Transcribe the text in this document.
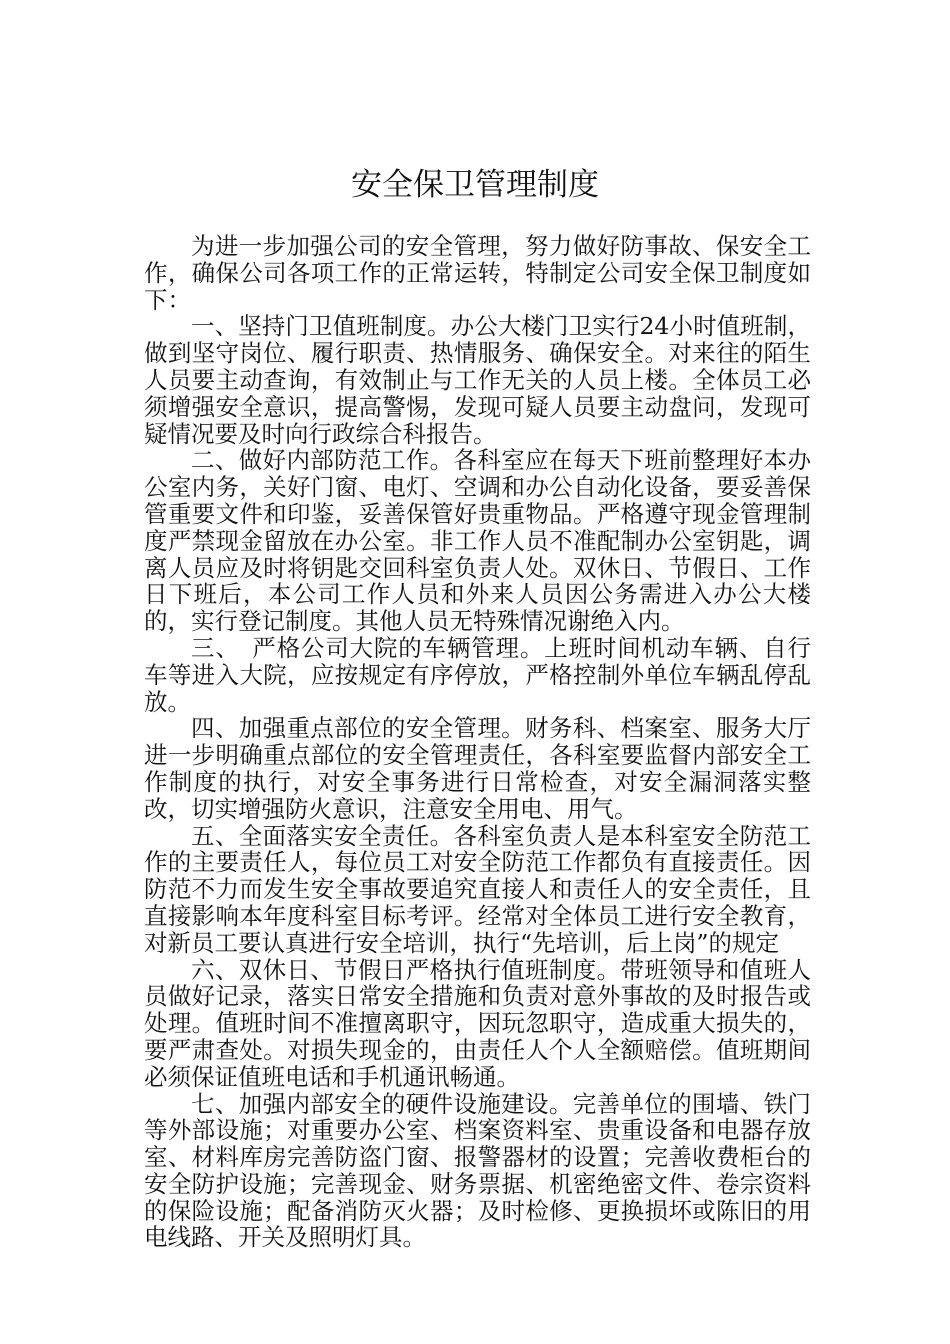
安全保卫管理制度

为进一步加强公司的安全管理，努力做好防事故、保安全工作，确保公司各项工作的正常运转，特制定公司安全保卫制度如下：

一、坚持门卫值班制度。办公大楼门卫实行24小时值班制，做到坚守岗位、履行职责、热情服务、确保安全。对来往的陌生人员要主动查询，有效制止与工作无关的人员上楼。全体员工必须增强安全意识，提高警惕，发现可疑人员要主动盘问，发现可疑情况要及时向行政综合科报告。

二、做好内部防范工作。各科室应在每天下班前整理好本办公室内务，关好门窗、电灯、空调和办公自动化设备，要妥善保管重要文件和印鉴，妥善保管好贵重物品。严格遵守现金管理制度严禁现金留放在办公室。非工作人员不准配制办公室钥匙，调离人员应及时将钥匙交回科室负责人处。双休日、节假日、工作日下班后，本公司工作人员和外来人员因公务需进入办公大楼的，实行登记制度。其他人员无特殊情况谢绝入内。

三、　严格公司大院的车辆管理。上班时间机动车辆、自行车等进入大院，应按规定有序停放，严格控制外单位车辆乱停乱放。

四、加强重点部位的安全管理。财务科、档案室、服务大厅进一步明确重点部位的安全管理责任，各科室要监督内部安全工作制度的执行，对安全事务进行日常检查，对安全漏洞落实整改，切实增强防火意识，注意安全用电、用气。

五、全面落实安全责任。各科室负责人是本科室安全防范工作的主要责任人，每位员工对安全防范工作都负有直接责任。因防范不力而发生安全事故要追究直接人和责任人的安全责任，且直接影响本年度科室目标考评。经常对全体员工进行安全教育，对新员工要认真进行安全培训，执行“先培训，后上岗”的规定

六、双休日、节假日严格执行值班制度。带班领导和值班人员做好记录，落实日常安全措施和负责对意外事故的及时报告或处理。值班时间不准擅离职守，因玩忽职守，造成重大损失的，要严肃查处。对损失现金的，由责任人个人全额赔偿。值班期间必须保证值班电话和手机通讯畅通。

七、加强内部安全的硬件设施建设。完善单位的围墙、铁门等外部设施；对重要办公室、档案资料室、贵重设备和电器存放室、材料库房完善防盗门窗、报警器材的设置；完善收费柜台的安全防护设施；完善现金、财务票据、机密绝密文件、卷宗资料的保险设施；配备消防灭火器；及时检修、更换损坏或陈旧的用电线路、开关及照明灯具。
